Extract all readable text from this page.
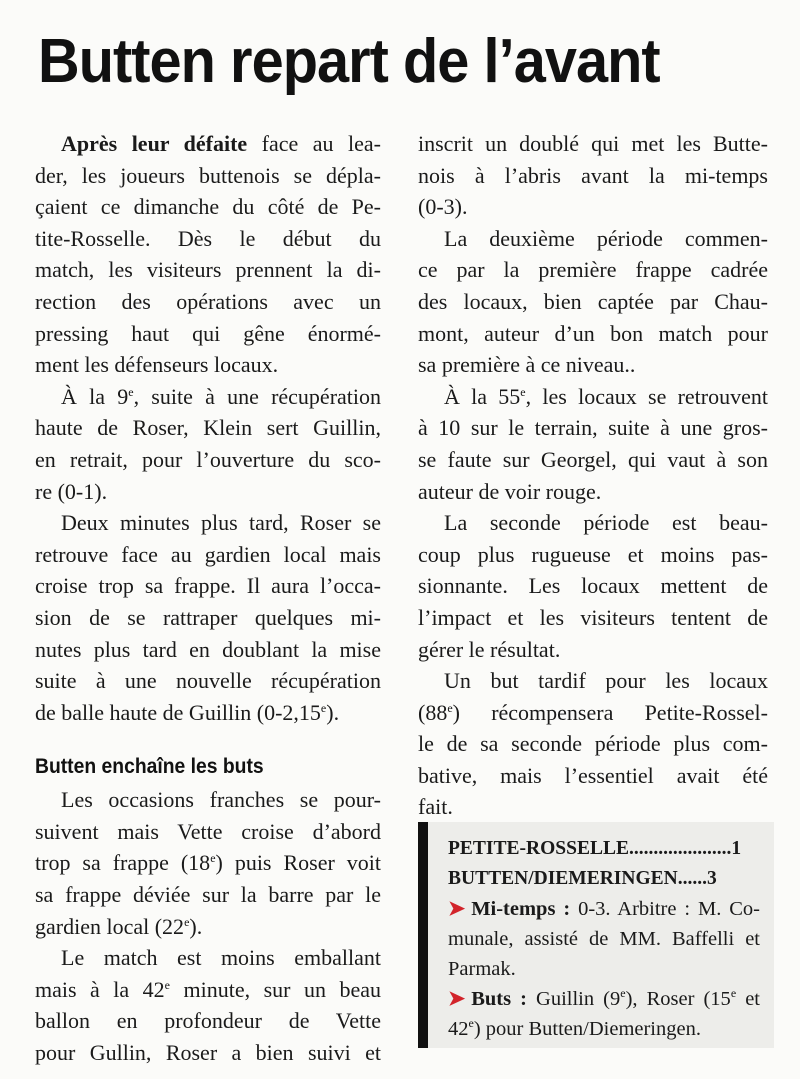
Butten repart de l’avant
Après leur défaite face au lea-
der, les joueurs buttenois se dépla-
çaient ce dimanche du côté de Pe-
tite-Rosselle. Dès le début du
match, les visiteurs prennent la di-
rection des opérations avec un
pressing haut qui gêne énormé-
ment les défenseurs locaux.
À la 9e, suite à une récupération
haute de Roser, Klein sert Guillin,
en retrait, pour l’ouverture du sco-
re (0-1).
Deux minutes plus tard, Roser se
retrouve face au gardien local mais
croise trop sa frappe. Il aura l’occa-
sion de se rattraper quelques mi-
nutes plus tard en doublant la mise
suite à une nouvelle récupération
de balle haute de Guillin (0-2,15e).
Butten enchaîne les buts
Les occasions franches se pour-
suivent mais Vette croise d’abord
trop sa frappe (18e) puis Roser voit
sa frappe déviée sur la barre par le
gardien local (22e).
Le match est moins emballant
mais à la 42e minute, sur un beau
ballon en profondeur de Vette
pour Gullin, Roser a bien suivi et
inscrit un doublé qui met les Butte-
nois à l’abris avant la mi-temps
(0-3).
La deuxième période commen-
ce par la première frappe cadrée
des locaux, bien captée par Chau-
mont, auteur d’un bon match pour
sa première à ce niveau..
À la 55e, les locaux se retrouvent
à 10 sur le terrain, suite à une gros-
se faute sur Georgel, qui vaut à son
auteur de voir rouge.
La seconde période est beau-
coup plus rugueuse et moins pas-
sionnante. Les locaux mettent de
l’impact et les visiteurs tentent de
gérer le résultat.
Un but tardif pour les locaux
(88e) récompensera Petite-Rossel-
le de sa seconde période plus com-
bative, mais l’essentiel avait été
fait.
PETITE-ROSSELLE.....................1
BUTTEN/DIEMERINGEN......3
➤ Mi-temps : 0-3. Arbitre : M. Co-
munale, assisté de MM. Baffelli et
Parmak.
➤ Buts : Guillin (9e), Roser (15e et
42e) pour Butten/Diemeringen.
